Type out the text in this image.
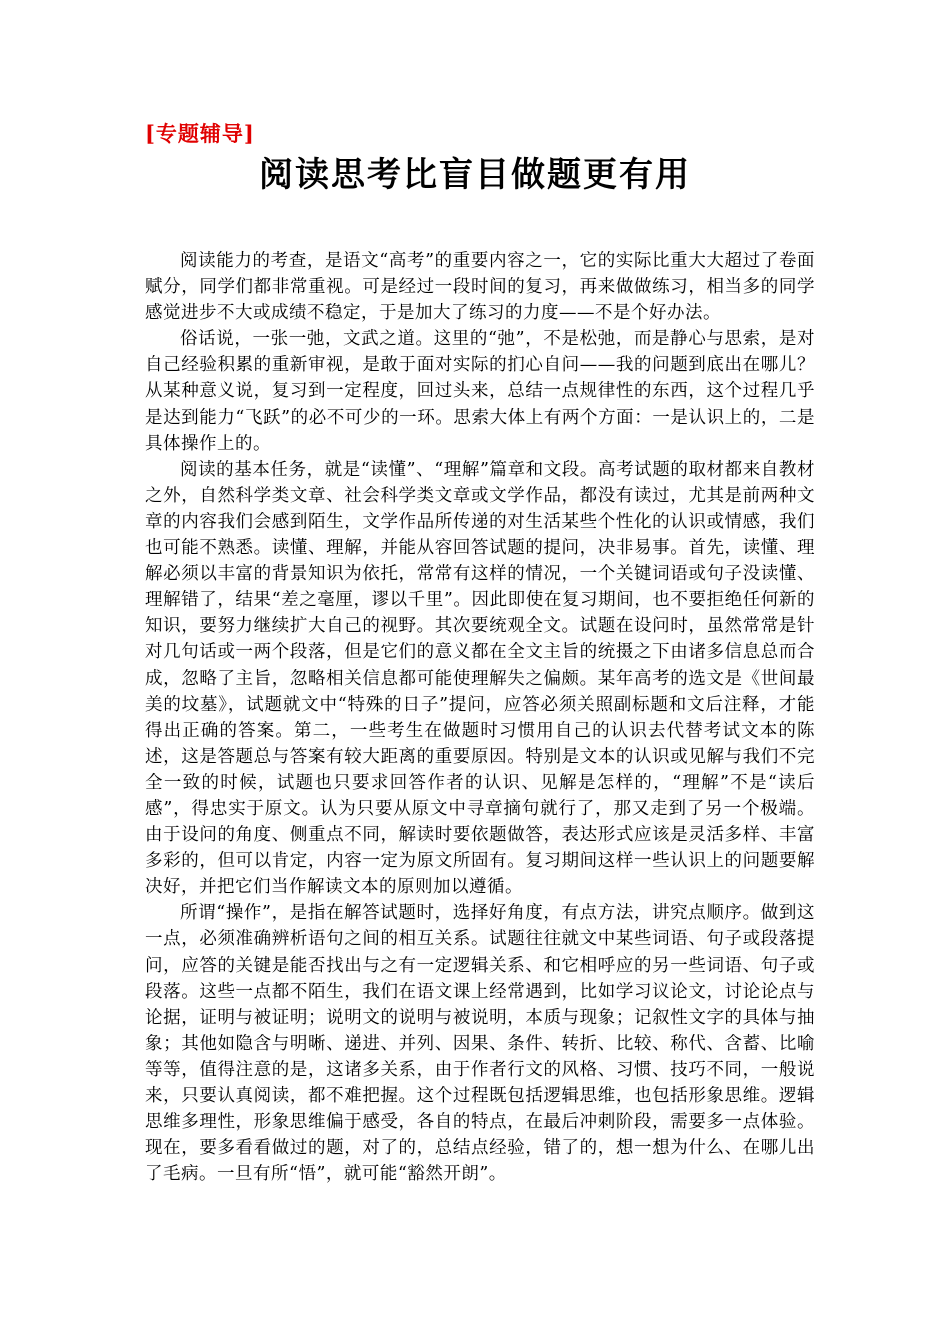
[专题辅导]
阅读思考比盲目做题更有用

阅读能力的考查，是语文“高考”的重要内容之一，它的实际比重大大超过了卷面赋分，同学们都非常重视。可是经过一段时间的复习，再来做做练习，相当多的同学感觉进步不大或成绩不稳定，于是加大了练习的力度——不是个好办法。

俗话说，一张一弛，文武之道。这里的“弛”，不是松弛，而是静心与思索，是对自己经验积累的重新审视，是敢于面对实际的扪心自问——我的问题到底出在哪儿？从某种意义说，复习到一定程度，回过头来，总结一点规律性的东西，这个过程几乎是达到能力“飞跃”的必不可少的一环。思索大体上有两个方面：一是认识上的，二是具体操作上的。

阅读的基本任务，就是“读懂”、“理解”篇章和文段。高考试题的取材都来自教材之外，自然科学类文章、社会科学类文章或文学作品，都没有读过，尤其是前两种文章的内容我们会感到陌生，文学作品所传递的对生活某些个性化的认识或情感，我们也可能不熟悉。读懂、理解，并能从容回答试题的提问，决非易事。首先，读懂、理解必须以丰富的背景知识为依托，常常有这样的情况，一个关键词语或句子没读懂、理解错了，结果“差之毫厘，谬以千里”。因此即使在复习期间，也不要拒绝任何新的知识，要努力继续扩大自己的视野。其次要统观全文。试题在设问时，虽然常常是针对几句话或一两个段落，但是它们的意义都在全文主旨的统摄之下由诸多信息总而合成，忽略了主旨，忽略相关信息都可能使理解失之偏颇。某年高考的选文是《世间最美的坟墓》，试题就文中“特殊的日子”提问，应答必须关照副标题和文后注释，才能得出正确的答案。第二，一些考生在做题时习惯用自己的认识去代替考试文本的陈述，这是答题总与答案有较大距离的重要原因。特别是文本的认识或见解与我们不完全一致的时候，试题也只要求回答作者的认识、见解是怎样的，“理解”不是“读后感”，得忠实于原文。认为只要从原文中寻章摘句就行了，那又走到了另一个极端。由于设问的角度、侧重点不同，解读时要依题做答，表达形式应该是灵活多样、丰富多彩的，但可以肯定，内容一定为原文所固有。复习期间这样一些认识上的问题要解决好，并把它们当作解读文本的原则加以遵循。

所谓“操作”，是指在解答试题时，选择好角度，有点方法，讲究点顺序。做到这一点，必须准确辨析语句之间的相互关系。试题往往就文中某些词语、句子或段落提问，应答的关键是能否找出与之有一定逻辑关系、和它相呼应的另一些词语、句子或段落。这些一点都不陌生，我们在语文课上经常遇到，比如学习议论文，讨论论点与论据，证明与被证明；说明文的说明与被说明，本质与现象；记叙性文字的具体与抽象；其他如隐含与明晰、递进、并列、因果、条件、转折、比较、称代、含蓄、比喻等等，值得注意的是，这诸多关系，由于作者行文的风格、习惯、技巧不同，一般说来，只要认真阅读，都不难把握。这个过程既包括逻辑思维，也包括形象思维。逻辑思维多理性，形象思维偏于感受，各自的特点，在最后冲刺阶段，需要多一点体验。现在，要多看看做过的题，对了的，总结点经验，错了的，想一想为什么、在哪儿出了毛病。一旦有所“悟”，就可能“豁然开朗”。
